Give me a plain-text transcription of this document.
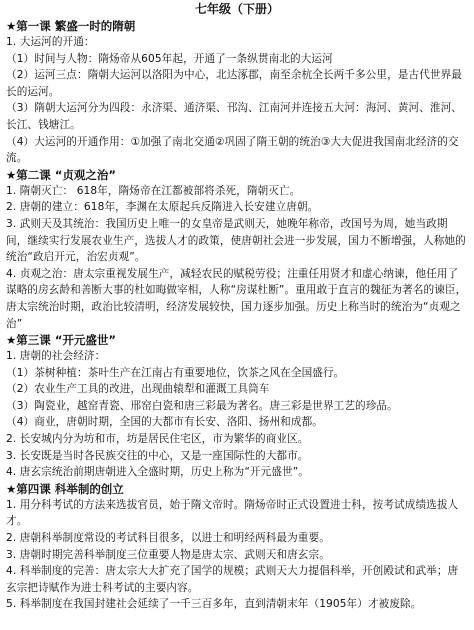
七年级（下册）
★第一课 繁盛一时的隋朝

1. 大运河的开通：

（1）时间与人物：隋炀帝从605年起，开通了一条纵贯南北的大运河

（2）运河三点：隋朝大运河以洛阳为中心，北达涿郡，南至余杭全长两千多公里，是古代世界最长的运河。

（3）隋朝大运河分为四段：永济渠、通济渠、邗沟、江南河并连接五大河：海河、黄河、淮河、长江、钱塘江。

（4）大运河的开通作用：①加强了南北交通②巩固了隋王朝的统治③大大促进我国南北经济的交流。

★第二课 “贞观之治”

1. 隋朝灭亡： 618年，隋炀帝在江都被部将杀死，隋朝灭亡。

2. 唐朝的建立：618年，李渊在太原起兵反隋进入长安建立唐朝。

3. 武则天及其统治：我国历史上唯一的女皇帝是武则天，她晚年称帝，改国号为周，她当政期间，继续实行发展农业生产，选拔人才的政策，使唐朝社会进一步发展，国力不断增强，人称她的统治“政启开元，治宏贞观”。

4. 贞观之治：唐太宗重视发展生产，减轻农民的赋税劳役；注重任用贤才和虚心纳谏，他任用了谋略的房玄龄和善断大事的杜如晦做宰相，人称“房谋杜断”。重用敢于直言的魏征为著名的谏臣，唐太宗统治时期，政治比较清明，经济发展较快，国力逐步加强。历史上称当时的统治为“贞观之治”

★第三课 “开元盛世”

1. 唐朝的社会经济：

（1）茶树种植：茶叶生产在江南占有重要地位，饮茶之风在全国盛行。

（2）农业生产工具的改进，出现曲辕犁和灌溉工具筒车

（3）陶瓷业，越窑青瓷、邢窑白瓷和唐三彩最为著名。唐三彩是世界工艺的珍品。

（4）商业，唐朝时期，全国的大都市有长安、洛阳、扬州和成都。

2. 长安城内分为坊和市，坊是居民住宅区，市为繁华的商业区。

3. 长安既是当时各民族交往的中心，又是一座国际性的大都市。

4. 唐玄宗统治前期唐朝进入全盛时期，历史上称为“开元盛世”。

★第四课 科举制的创立

1. 用分科考试的方法来选拔官员，始于隋文帝时。隋炀帝时正式设置进士科，按考试成绩选拔人才。

2. 唐朝科举制度常设的考试科目很多，以进士和明经两科最为重要。

3. 唐朝时期完善科举制度三位重要人物是唐太宗、武则天和唐玄宗。

4. 科举制度的完善：唐太宗大大扩充了国学的规模；武则天大力提倡科举，开创殿试和武举；唐玄宗把诗赋作为进士科考试的主要内容。

5. 科举制度在我国封建社会延续了一千三百多年，直到清朝末年（1905年）才被废除。
